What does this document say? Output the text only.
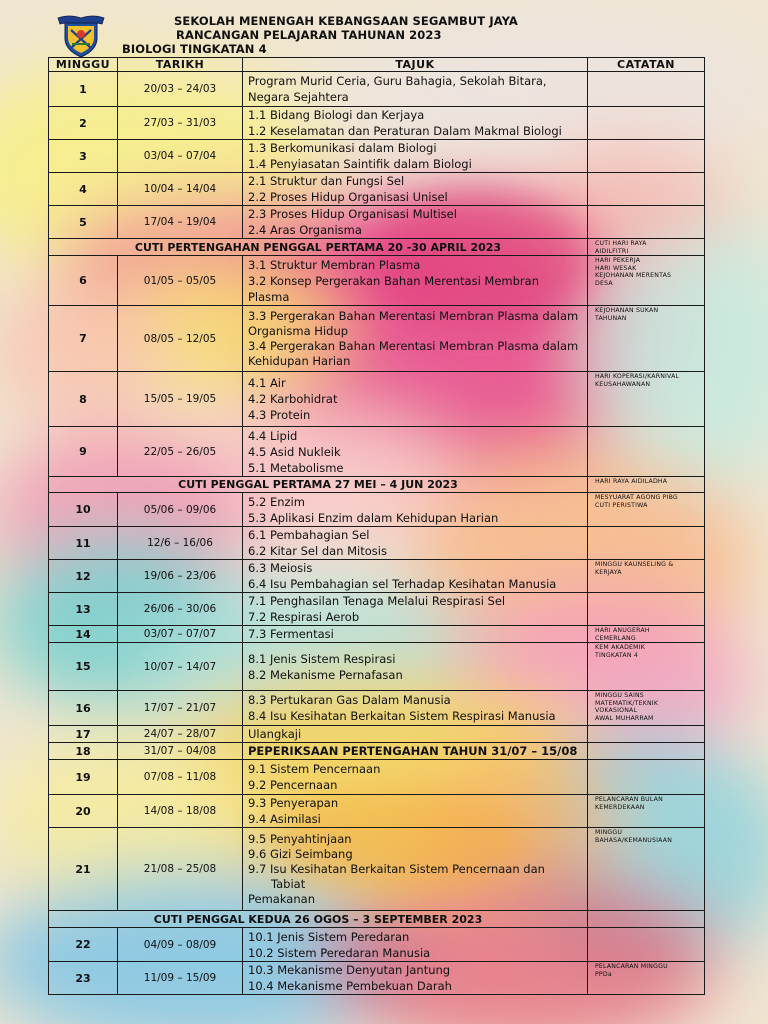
SEKOLAH MENENGAH KEBANGSAAN SEGAMBUT JAYA
RANCANGAN PELAJARAN TAHUNAN 2023
BIOLOGI TINGKATAN 4
MINGGU	TARIKH	TAJUK	CATATAN
1	20/03 – 24/03	Program Murid Ceria, Guru Bahagia, Sekolah Bitara,
Negara Sejahtera	

2	27/03 – 31/03	1.1 Bidang Biologi dan Kerjaya
1.2 Keselamatan dan Peraturan Dalam Makmal Biologi	

3	03/04 – 07/04	1.3 Berkomunikasi dalam Biologi
1.4 Penyiasatan Saintifik dalam Biologi	

4	10/04 – 14/04	2.1 Struktur dan Fungsi Sel
2.2 Proses Hidup Organisasi Unisel	

5	17/04 – 19/04	2.3 Proses Hidup Organisasi Multisel
2.4 Aras Organisma	

CUTI PERTENGAHAN PENGGAL PERTAMA 20 -30 APRIL 2023			CUTI HARI RAYA
AIDILFITRI

6	01/05 – 05/05	3.1 Struktur Membran Plasma
3.2 Konsep Pergerakan Bahan Merentasi Membran
Plasma	HARI PEKERJA
HARI WESAK
KEJOHANAN MERENTAS
DESA

7	08/05 – 12/05	3.3 Pergerakan Bahan Merentasi Membran Plasma dalam
Organisma Hidup
3.4 Pergerakan Bahan Merentasi Membran Plasma dalam
Kehidupan Harian	KEJOHANAN SUKAN
TAHUNAN

8	15/05 – 19/05	4.1 Air
4.2 Karbohidrat
4.3 Protein	HARI KOPERASI/KARNIVAL
KEUSAHAWANAN

9	22/05 – 26/05	4.4 Lipid
4.5 Asid Nukleik
5.1 Metabolisme	

CUTI PENGGAL PERTAMA 27 MEI – 4 JUN 2023			HARI RAYA AIDILADHA

10	05/06 – 09/06	5.2 Enzim
5.3 Aplikasi Enzim dalam Kehidupan Harian	MESYUARAT AGONG PIBG
CUTI PERISTIWA

11	12/6 – 16/06	6.1 Pembahagian Sel
6.2 Kitar Sel dan Mitosis	

12	19/06 – 23/06	6.3 Meiosis
6.4 Isu Pembahagian sel Terhadap Kesihatan Manusia	MINGGU KAUNSELING &
KERJAYA

13	26/06 – 30/06	7.1 Penghasilan Tenaga Melalui Respirasi Sel
7.2 Respirasi Aerob	

14	03/07 – 07/07	7.3 Fermentasi	HARI ANUGERAH
CEMERLANG

15	10/07 – 14/07	8.1 Jenis Sistem Respirasi
8.2 Mekanisme Pernafasan	KEM AKADEMIK
TINGKATAN 4

16	17/07 – 21/07	8.3 Pertukaran Gas Dalam Manusia
8.4 Isu Kesihatan Berkaitan Sistem Respirasi Manusia	MINGGU SAINS
MATEMATIK/TEKNIK
VOKASIONAL
AWAL MUHARRAM

17	24/07 – 28/07	Ulangkaji	

18	31/07 – 04/08	PEPERIKSAAN PERTENGAHAN TAHUN 31/07 – 15/08	

19	07/08 – 11/08	9.1 Sistem Pencernaan
9.2 Pencernaan	

20	14/08 – 18/08	9.3 Penyerapan
9.4 Asimilasi	PELANCARAN BULAN
KEMERDEKAAN

21	21/08 – 25/08	9.5 Penyahtinjaan
9.6 Gizi Seimbang
9.7 Isu Kesihatan Berkaitan Sistem Pencernaan dan
Tabiat
Pemakanan	MINGGU
BAHASA/KEMANUSIAAN

CUTI PENGGAL KEDUA 26 OGOS – 3 SEPTEMBER 2023			
22	04/09 – 08/09	10.1 Jenis Sistem Peredaran
10.2 Sistem Peredaran Manusia	

23	11/09 – 15/09	10.3 Mekanisme Denyutan Jantung
10.4 Mekanisme Pembekuan Darah	PELANCARAN MINGGU
PPDa
